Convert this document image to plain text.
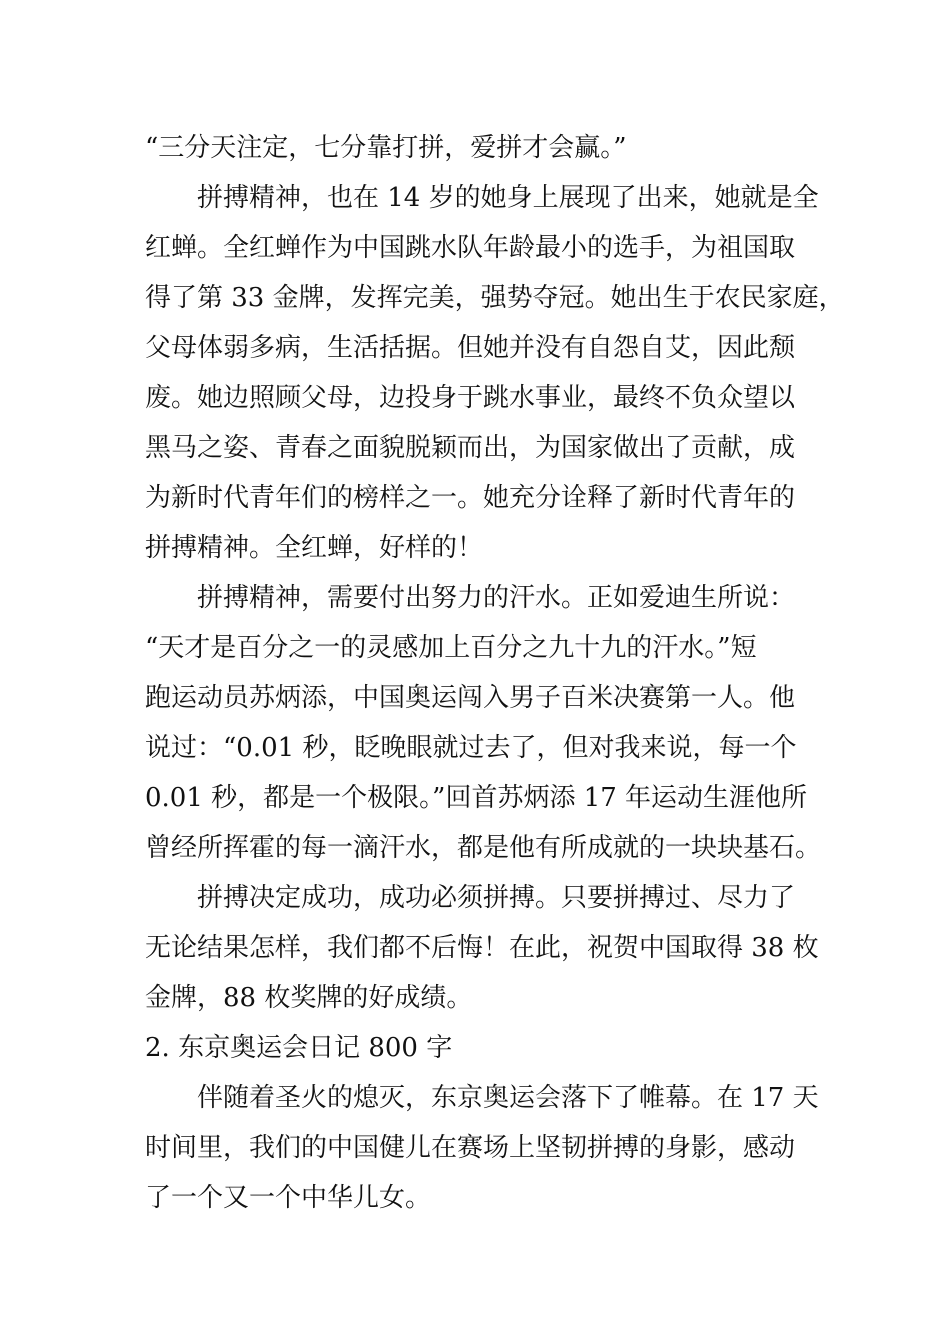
“三分天注定，七分靠打拼，爱拼才会赢。”
拼搏精神，也在 14 岁的她身上展现了出来，她就是全
红蝉。全红蝉作为中国跳水队年龄最小的选手，为祖国取
得了第 33 金牌，发挥完美，强势夺冠。她出生于农民家庭，
父母体弱多病，生活括据。但她并没有自怨自艾，因此颓
废。她边照顾父母，边投身于跳水事业，最终不负众望以
黑马之姿、青春之面貌脱颖而出，为国家做出了贡献，成
为新时代青年们的榜样之一。她充分诠释了新时代青年的
拼搏精神。全红蝉，好样的！
拼搏精神，需要付出努力的汗水。正如爱迪生所说：
“天才是百分之一的灵感加上百分之九十九的汗水。”短
跑运动员苏炳添，中国奥运闯入男子百米决赛第一人。他
说过：“0.01 秒，眨晚眼就过去了，但对我来说，每一个
0.01 秒，都是一个极限。”回首苏炳添 17 年运动生涯他所
曾经所挥霍的每一滴汗水，都是他有所成就的一块块基石。
拼搏决定成功，成功必须拼搏。只要拼搏过、尽力了
无论结果怎样，我们都不后悔！在此，祝贺中国取得 38 枚
金牌，88 枚奖牌的好成绩。
2. 东京奥运会日记 800 字
伴随着圣火的熄灭，东京奥运会落下了帷幕。在 17 天
时间里，我们的中国健儿在赛场上坚韧拼搏的身影，感动
了一个又一个中华儿女。
